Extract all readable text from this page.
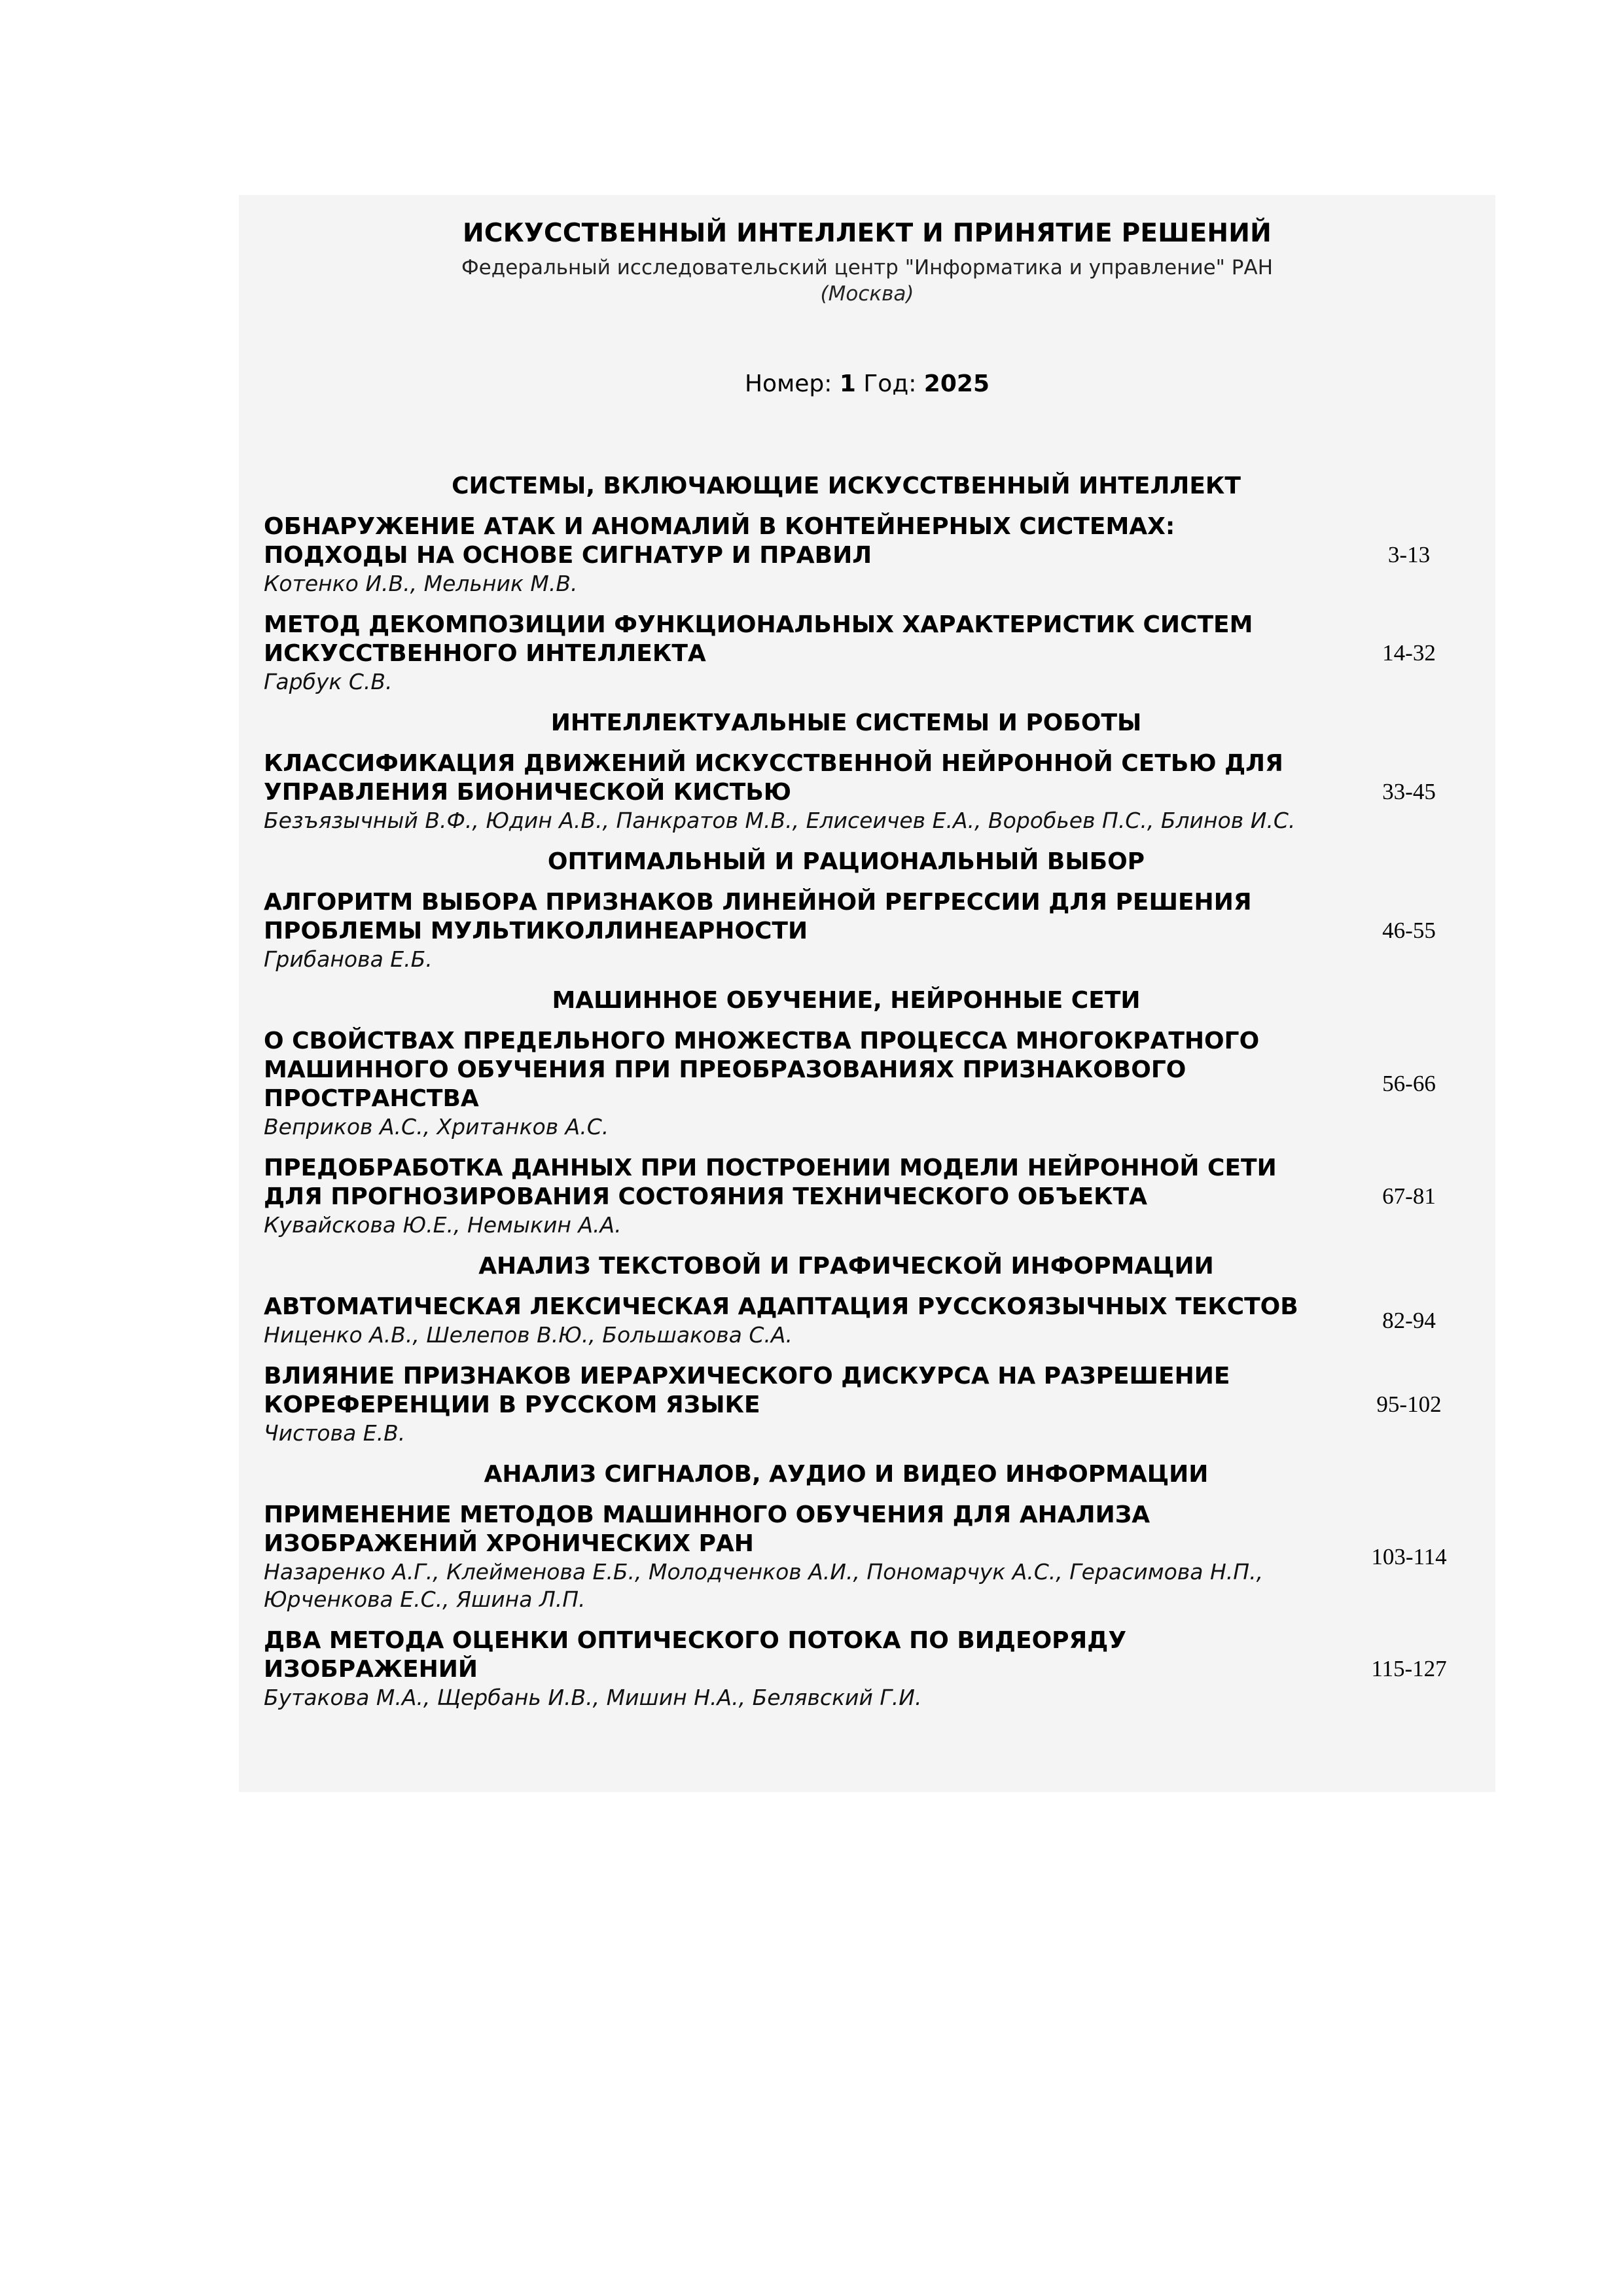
ИСКУССТВЕННЫЙ ИНТЕЛЛЕКТ И ПРИНЯТИЕ РЕШЕНИЙ
Федеральный исследовательский центр "Информатика и управление" РАН
(Москва)
Номер: 1 Год: 2025
СИСТЕМЫ, ВКЛЮЧАЮЩИЕ ИСКУССТВЕННЫЙ ИНТЕЛЛЕКТ
ОБНАРУЖЕНИЕ АТАК И АНОМАЛИЙ В КОНТЕЙНЕРНЫХ СИСТЕМАХ: ПОДХОДЫ НА ОСНОВЕ СИГНАТУР И ПРАВИЛ
Котенко И.В., Мельник М.В.
3-13
МЕТОД ДЕКОМПОЗИЦИИ ФУНКЦИОНАЛЬНЫХ ХАРАКТЕРИСТИК СИСТЕМ ИСКУССТВЕННОГО ИНТЕЛЛЕКТА
Гарбук С.В.
14-32
ИНТЕЛЛЕКТУАЛЬНЫЕ СИСТЕМЫ И РОБОТЫ
КЛАССИФИКАЦИЯ ДВИЖЕНИЙ ИСКУССТВЕННОЙ НЕЙРОННОЙ СЕТЬЮ ДЛЯ УПРАВЛЕНИЯ БИОНИЧЕСКОЙ КИСТЬЮ
Безъязычный В.Ф., Юдин А.В., Панкратов М.В., Елисеичев Е.А., Воробьев П.С., Блинов И.С.
33-45
ОПТИМАЛЬНЫЙ И РАЦИОНАЛЬНЫЙ ВЫБОР
АЛГОРИТМ ВЫБОРА ПРИЗНАКОВ ЛИНЕЙНОЙ РЕГРЕССИИ ДЛЯ РЕШЕНИЯ ПРОБЛЕМЫ МУЛЬТИКОЛЛИНЕАРНОСТИ
Грибанова Е.Б.
46-55
МАШИННОЕ ОБУЧЕНИЕ, НЕЙРОННЫЕ СЕТИ
О СВОЙСТВАХ ПРЕДЕЛЬНОГО МНОЖЕСТВА ПРОЦЕССА МНОГОКРАТНОГО МАШИННОГО ОБУЧЕНИЯ ПРИ ПРЕОБРАЗОВАНИЯХ ПРИЗНАКОВОГО ПРОСТРАНСТВА
Веприков А.С., Хританков А.С.
56-66
ПРЕДОБРАБОТКА ДАННЫХ ПРИ ПОСТРОЕНИИ МОДЕЛИ НЕЙРОННОЙ СЕТИ ДЛЯ ПРОГНОЗИРОВАНИЯ СОСТОЯНИЯ ТЕХНИЧЕСКОГО ОБЪЕКТА
Кувайскова Ю.Е., Немыкин А.А.
67-81
АНАЛИЗ ТЕКСТОВОЙ И ГРАФИЧЕСКОЙ ИНФОРМАЦИИ
АВТОМАТИЧЕСКАЯ ЛЕКСИЧЕСКАЯ АДАПТАЦИЯ РУССКОЯЗЫЧНЫХ ТЕКСТОВ
Ниценко А.В., Шелепов В.Ю., Большакова С.А.
82-94
ВЛИЯНИЕ ПРИЗНАКОВ ИЕРАРХИЧЕСКОГО ДИСКУРСА НА РАЗРЕШЕНИЕ КОРЕФЕРЕНЦИИ В РУССКОМ ЯЗЫКЕ
Чистова Е.В.
95-102
АНАЛИЗ СИГНАЛОВ, АУДИО И ВИДЕО ИНФОРМАЦИИ
ПРИМЕНЕНИЕ МЕТОДОВ МАШИННОГО ОБУЧЕНИЯ ДЛЯ АНАЛИЗА ИЗОБРАЖЕНИЙ ХРОНИЧЕСКИХ РАН
Назаренко А.Г., Клейменова Е.Б., Молодченков А.И., Пономарчук А.С., Герасимова Н.П., Юрченкова Е.С., Яшина Л.П.
103-114
ДВА МЕТОДА ОЦЕНКИ ОПТИЧЕСКОГО ПОТОКА ПО ВИДЕОРЯДУ ИЗОБРАЖЕНИЙ
Бутакова М.А., Щербань И.В., Мишин Н.А., Белявский Г.И.
115-127
